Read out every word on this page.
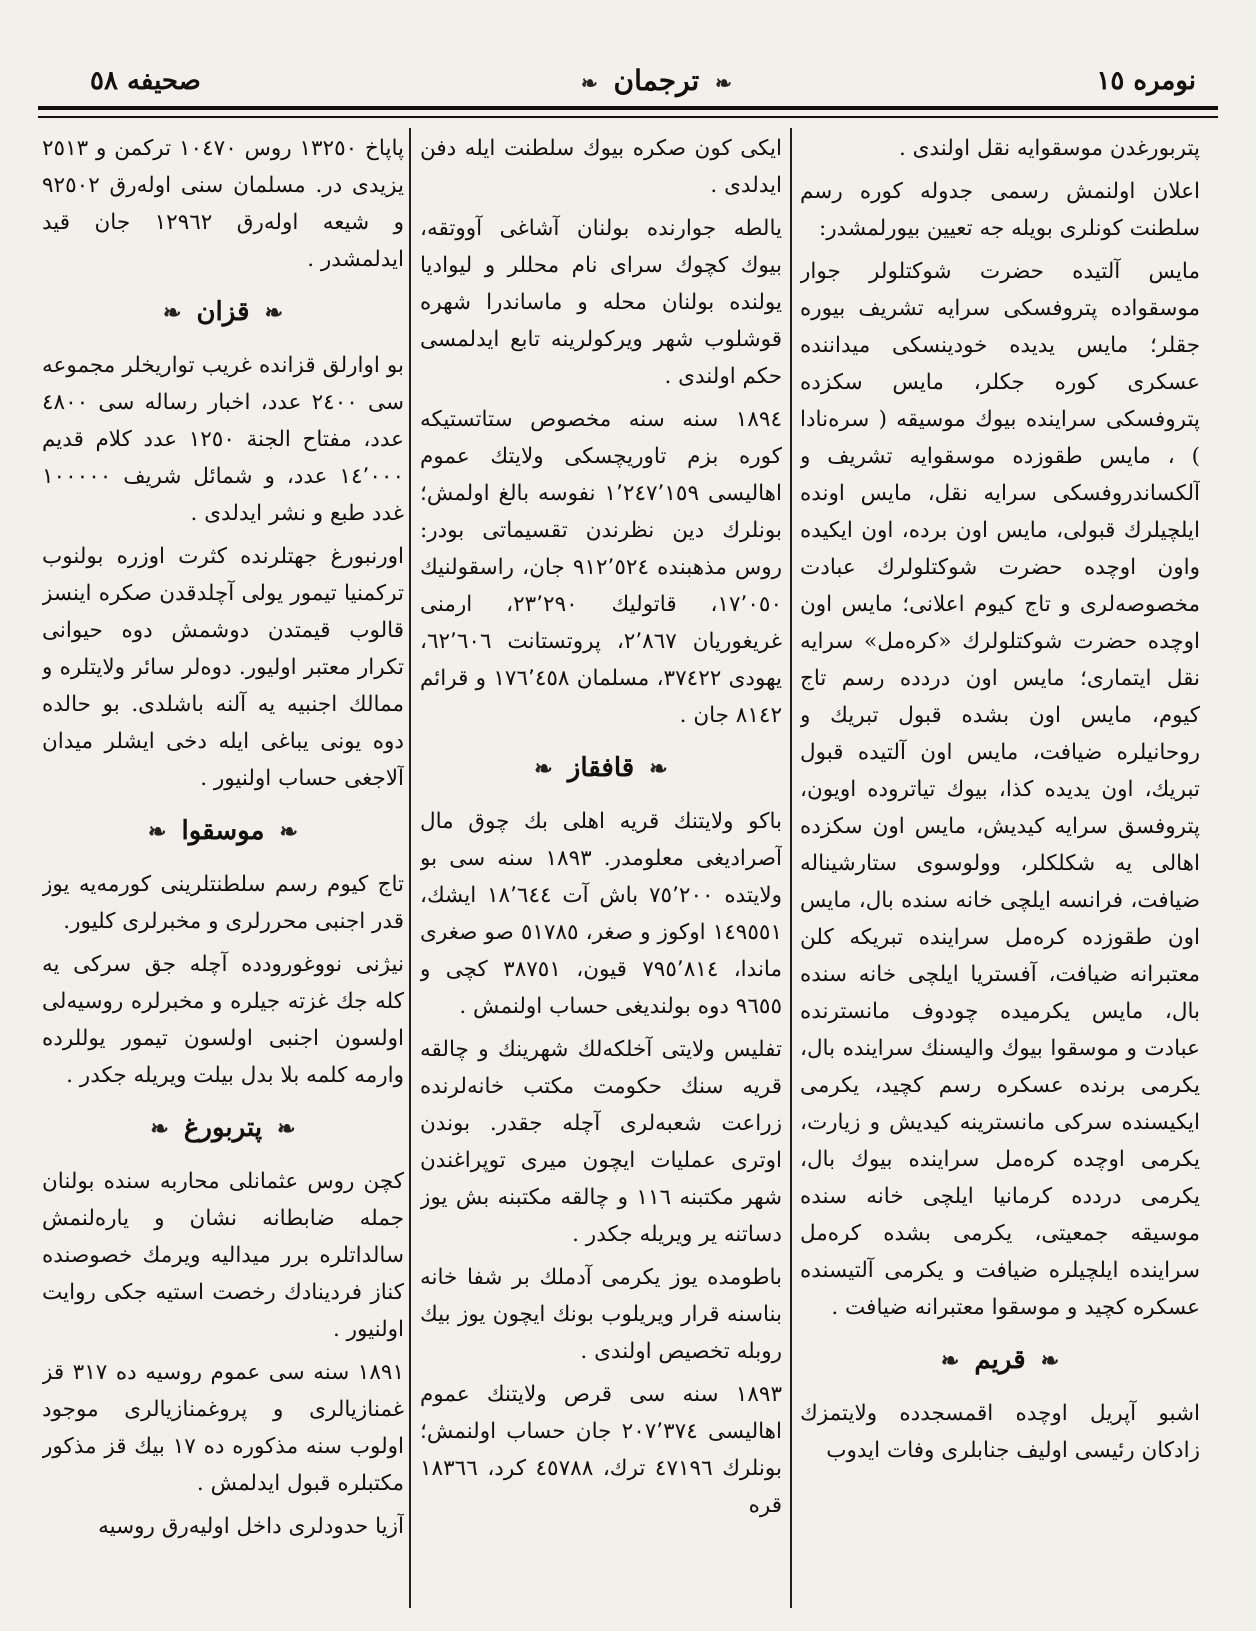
نومره ١٥
❧ ترجمان ❧
صحيفه ٥٨

پتربورغدن موسقوايه نقل اولندى .

اعلان اولنمش رسمى جدوله كوره رسم سلطنت كونلرى بويله جه تعيين بيورلمشدر:

مايس آلتيده حضرت شوكتلولر جوار موسقوادە پتروفسكى سرايه تشريف بيوره جقلر؛ مايس يديده خودينسكى ميداننده عسكرى كوره جكلر، مايس سكزده پتروفسكى سراينده بيوك موسيقه ( سرەنادا ) ، مايس طقوزده موسقوايه تشريف و آلكساندروفسكى سرايه نقل، مايس اونده ايلچيلرك قبولى، مايس اون برده، اون ايكيده واون اوچده حضرت شوكتلولرك عبادت مخصوصەلرى و تاج كيوم اعلانى؛ مايس اون اوچده حضرت شوكتلولرك «كرەمل» سرايه نقل ايتمارى؛ مايس اون دردده رسم تاج كيوم، مايس اون بشده قبول تبريك و روحانيلره ضيافت، مايس اون آلتيده قبول تبريك، اون يديده كذا، بيوك تياتروده اويون، پتروفسق سرايه كيديش، مايس اون سكزده اهالى يه شكلكلر، وولوسوى ستارشيناله ضيافت، فرانسه ايلچى خانه سنده بال، مايس اون طقوزده كرەمل سراينده تبريكه كلن معتبرانه ضيافت، آفستريا ايلچى خانه سنده بال، مايس يكرميده چودوف مانسترنده عبادت و موسقوا بيوك واليسنك سراينده بال، يكرمى برنده عسكره رسم كچيد، يكرمى ايكيسنده سركى مانسترينه كيديش و زيارت، يكرمى اوچده كرەمل سراينده بيوك بال، يكرمى دردده كرمانيا ايلچى خانه سنده موسيقه جمعيتى، يكرمى بشده كرەمل سراينده ايلچيلره ضيافت و يكرمى آلتيسنده عسكره كچيد و موسقوا معتبرانه ضيافت .

❧ قريم ❧

اشبو آپريل اوچده اقمسجدده ولايتمزك زادكان رئيسى اوليف جنابلرى وفات ايدوب

ايكى كون صكره بيوك سلطنت ايله دفن ايدلدى .

يالطه جوارنده بولنان آشاغى آووتقه، بيوك كچوك سراى نام محللر و ليواديا يولنده بولنان محله و ماساندرا شهره قوشلوب شهر ويركولرينه تابع ايدلمسى حكم اولندى .

١٨٩٤ سنه سنه مخصوص ستاتستيكه كوره بزم تاوريچسكى ولايتك عموم اهاليسى ١٬٢٤٧٬١٥٩ نفوسه بالغ اولمش؛ بونلرك دين نظرندن تقسيماتى بودر: روس مذهبنده ٩١٢٬٥٢٤ جان، راسقولنيك ١٧٬٠٥٠، قاتوليك ٢٣٬٢٩٠، ارمنى غريغوريان ٢٬٨٦٧، پروتستانت ٦٢٬٦٠٦، يهودى ٣٧٤٢٢، مسلمان ١٧٦٬٤٥٨ و قرائم ٨١٤٢ جان .

❧ قافقاز ❧

باكو ولايتنك قريه اهلى بك چوق مال آصراديغى معلومدر. ١٨٩٣ سنه سى بو ولايتده ٧٥٬٢٠٠ باش آت ١٨٬٦٤٤ ايشك، ١٤٩٥٥١ اوكوز و صغر، ٥١٧٨٥ صو صغرى ماندا، ٧٩٥٬٨١٤ قيون، ٣٨٧٥١ كچى و ٩٦٥٥ دوه بولنديغى حساب اولنمش .

تفليس ولايتى آخلكەلك شهرينك و چالقه قريه سنك حكومت مكتب خانەلرنده زراعت شعبەلرى آچله جقدر. بوندن اوترى عمليات ايچون ميرى توپراغندن شهر مكتبنه ١١٦ و چالقه مكتبنه بش يوز دساتنه ير ويريله جكدر .

باطومده يوز يكرمى آدملك بر شفا خانه بناسنه قرار ويريلوب بونك ايچون يوز بيك روبله تخصيص اولندى .

١٨٩٣ سنه سى قرص ولايتنك عموم اهاليسى ٢٠٧٬٣٧٤ جان حساب اولنمش؛ بونلرك ٤٧١٩٦ ترك، ٤٥٧٨٨ كرد، ١٨٣٦٦ قره

پاپاخ ١٣٢٥٠ روس ١٠٤٧٠ تركمن و ٢٥١٣ يزيدى در. مسلمان سنى اولەرق ٩٢٥٠٢ و شيعه اولەرق ١٢٩٦٢ جان قيد ايدلمشدر .

❧ قزان ❧

بو اوارلق قزانده غريب تواريخلر مجموعه سى ٢٤٠٠ عدد، اخبار رساله سى ٤٨٠٠ عدد، مفتاح الجنة ١٢٥٠ عدد كلام قديم ١٤٬٠٠٠ عدد، و شمائل شريف ١٠٠٠٠٠ غدد طبع و نشر ايدلدى .

اورنبورغ جهتلرنده كثرت اوزره بولنوب تركمنيا تيمور يولى آچلدقدن صكره اينسز قالوب قيمتدن دوشمش دوه حيوانى تكرار معتبر اوليور. دوەلر سائر ولايتلره و ممالك اجنبيه يه آلنه باشلدى. بو حالده دوه يونى يباغى ايله دخى ايشلر ميدان آلاجغى حساب اولنيور .

❧ موسقوا ❧

تاج كيوم رسم سلطنتلرينى كورمەيه يوز قدر اجنبى محررلرى و مخبرلرى كليور.

نيژنى نووغورودده آچله جق سركى يه كله جك غزته جيلره و مخبرلره روسيەلى اولسون اجنبى اولسون تيمور يوللرده وارمه كلمه بلا بدل بيلت ويريله جكدر .

❧ پتربورغ ❧

كچن روس عثمانلى محاربه سنده بولنان جمله ضابطانه نشان و يارەلنمش سالداتلره برر ميداليه ويرمك خصوصنده كناز فردينادك رخصت استيه جكى روايت اولنيور .

١٨٩١ سنه سى عموم روسيه ده ٣١٧ قز غمنازيالرى و پروغمنازيالرى موجود اولوب سنه مذكوره ده ١٧ بيك قز مذكور مكتبلره قبول ايدلمش .

آزيا حدودلرى داخل اوليەرق روسيه
